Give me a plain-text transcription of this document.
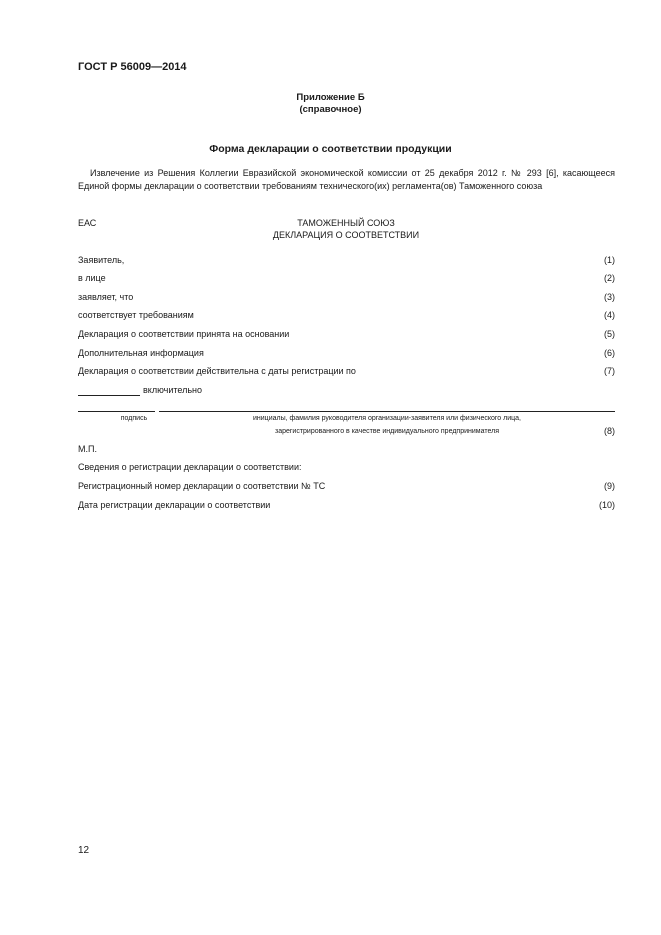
ГОСТ Р 56009—2014
Приложение Б
(справочное)
Форма декларации о соответствии продукции
Извлечение из Решения Коллегии Евразийской экономической комиссии от 25 декабря 2012 г. № 293 [6], касающееся Единой формы декларации о соответствии требованиям технического(их) регламента(ов) Таможенного союза
ЕАС	ТАМОЖЕННЫЙ СОЮЗ
ДЕКЛАРАЦИЯ О СООТВЕТСТВИИ
Заявитель,	(1)
в лице	(2)
заявляет, что	(3)
соответствует требованиям	(4)
Декларация о соответствии принята на основании	(5)
Дополнительная информация	(6)
Декларация о соответствии действительна с даты регистрации по	(7)
включительно
подпись	инициалы, фамилия руководителя организации-заявителя или физического лица,
зарегистрированного в качестве индивидуального предпринимателя	(8)
М.П.
Сведения о регистрации декларации о соответствии:
Регистрационный номер декларации о соответствии № ТС	(9)
Дата регистрации декларации о соответствии	(10)
12
